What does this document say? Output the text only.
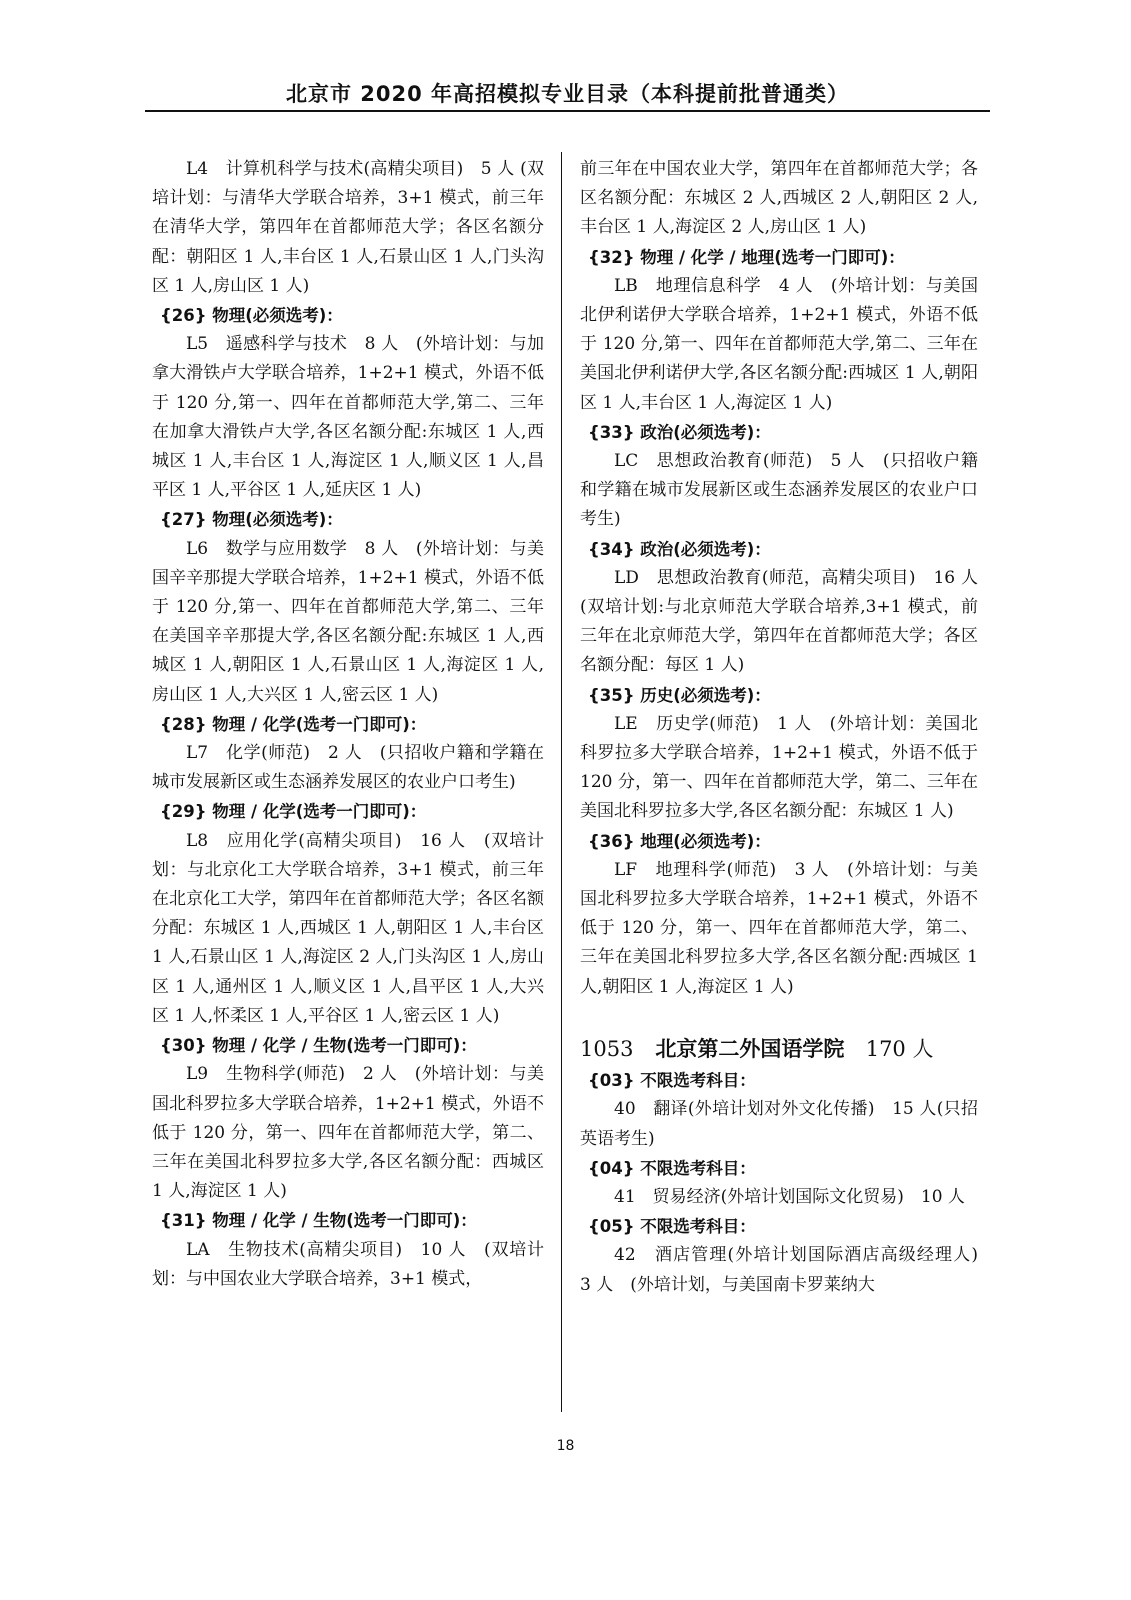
北京市 2020 年高招模拟专业目录（本科提前批普通类）
L4　计算机科学与技术(高精尖项目)　5 人 (双培计划：与清华大学联合培养，3+1 模式，前三年在清华大学，第四年在首都师范大学；各区名额分配：朝阳区 1 人,丰台区 1 人,石景山区 1 人,门头沟区 1 人,房山区 1 人)
{26} 物理(必须选考)：
L5　遥感科学与技术　8 人　(外培计划：与加拿大滑铁卢大学联合培养，1+2+1 模式，外语不低于 120 分,第一、四年在首都师范大学,第二、三年在加拿大滑铁卢大学,各区名额分配:东城区 1 人,西城区 1 人,丰台区 1 人,海淀区 1 人,顺义区 1 人,昌平区 1 人,平谷区 1 人,延庆区 1 人)
{27} 物理(必须选考)：
L6　数学与应用数学　8 人　(外培计划：与美国辛辛那提大学联合培养，1+2+1 模式，外语不低于 120 分,第一、四年在首都师范大学,第二、三年在美国辛辛那提大学,各区名额分配:东城区 1 人,西城区 1 人,朝阳区 1 人,石景山区 1 人,海淀区 1 人,房山区 1 人,大兴区 1 人,密云区 1 人)
{28} 物理 / 化学(选考一门即可)：
L7　化学(师范)　2 人　(只招收户籍和学籍在城市发展新区或生态涵养发展区的农业户口考生)
{29} 物理 / 化学(选考一门即可)：
L8　应用化学(高精尖项目)　16 人　(双培计划：与北京化工大学联合培养，3+1 模式，前三年在北京化工大学，第四年在首都师范大学；各区名额分配：东城区 1 人,西城区 1 人,朝阳区 1 人,丰台区 1 人,石景山区 1 人,海淀区 2 人,门头沟区 1 人,房山区 1 人,通州区 1 人,顺义区 1 人,昌平区 1 人,大兴区 1 人,怀柔区 1 人,平谷区 1 人,密云区 1 人)
{30} 物理 / 化学 / 生物(选考一门即可)：
L9　生物科学(师范)　2 人　(外培计划：与美国北科罗拉多大学联合培养，1+2+1 模式，外语不低于 120 分，第一、四年在首都师范大学，第二、三年在美国北科罗拉多大学,各区名额分配：西城区 1 人,海淀区 1 人)
{31} 物理 / 化学 / 生物(选考一门即可)：
LA　生物技术(高精尖项目)　10 人　(双培计划：与中国农业大学联合培养，3+1 模式，
前三年在中国农业大学，第四年在首都师范大学；各区名额分配：东城区 2 人,西城区 2 人,朝阳区 2 人,丰台区 1 人,海淀区 2 人,房山区 1 人)
{32} 物理 / 化学 / 地理(选考一门即可)：
LB　地理信息科学　4 人　(外培计划：与美国北伊利诺伊大学联合培养，1+2+1 模式，外语不低于 120 分,第一、四年在首都师范大学,第二、三年在美国北伊利诺伊大学,各区名额分配:西城区 1 人,朝阳区 1 人,丰台区 1 人,海淀区 1 人)
{33} 政治(必须选考)：
LC　思想政治教育(师范)　5 人　(只招收户籍和学籍在城市发展新区或生态涵养发展区的农业户口考生)
{34} 政治(必须选考)：
LD　思想政治教育(师范，高精尖项目)　16 人　(双培计划:与北京师范大学联合培养,3+1 模式，前三年在北京师范大学，第四年在首都师范大学；各区名额分配：每区 1 人)
{35} 历史(必须选考)：
LE　历史学(师范)　1 人　(外培计划：美国北科罗拉多大学联合培养，1+2+1 模式，外语不低于 120 分，第一、四年在首都师范大学，第二、三年在美国北科罗拉多大学,各区名额分配：东城区 1 人)
{36} 地理(必须选考)：
LF　地理科学(师范)　3 人　(外培计划：与美国北科罗拉多大学联合培养，1+2+1 模式，外语不低于 120 分，第一、四年在首都师范大学，第二、三年在美国北科罗拉多大学,各区名额分配:西城区 1 人,朝阳区 1 人,海淀区 1 人)
1053 北京第二外国语学院 170 人
{03} 不限选考科目：
40　翻译(外培计划对外文化传播)　15 人(只招英语考生)
{04} 不限选考科目：
41　贸易经济(外培计划国际文化贸易)　10 人
{05} 不限选考科目：
42　酒店管理(外培计划国际酒店高级经理人)　3 人　(外培计划，与美国南卡罗莱纳大
18
